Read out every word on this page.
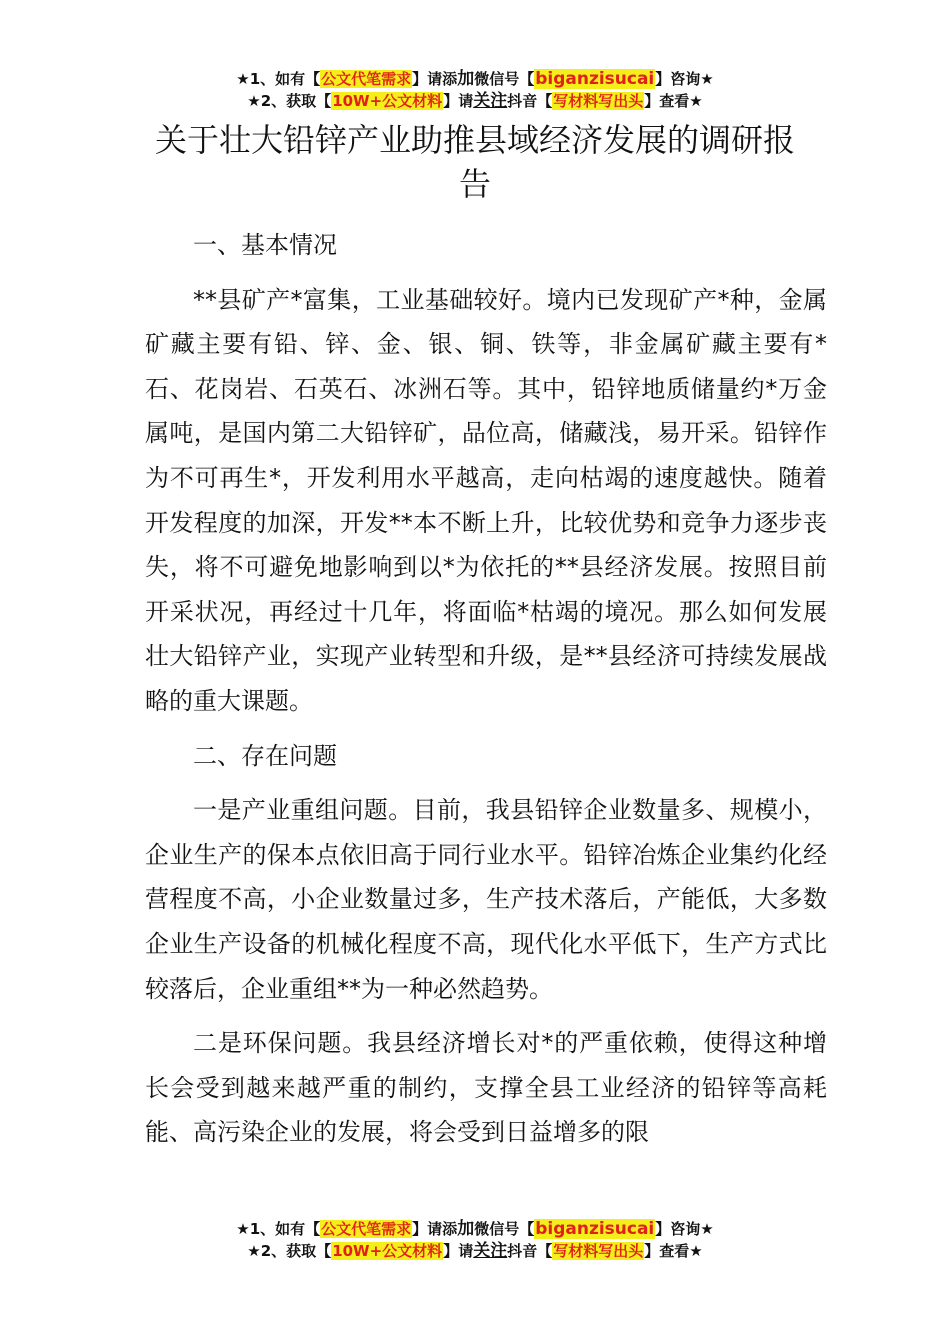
★1、如有【公文代笔需求】请添加微信号【biganzisucai】咨询★
★2、获取【10W+公文材料】请关注抖音【写材料写出头】查看★
关于壮大铅锌产业助推县域经济发展的调研报告

一、基本情况

**县矿产*富集，工业基础较好。境内已发现矿产*种，金属矿藏主要有铅、锌、金、银、铜、铁等，非金属矿藏主要有*石、花岗岩、石英石、冰洲石等。其中，铅锌地质储量约*万金属吨，是国内第二大铅锌矿，品位高，储藏浅，易开采。铅锌作为不可再生*，开发利用水平越高，走向枯竭的速度越快。随着开发程度的加深，开发**本不断上升，比较优势和竞争力逐步丧失，将不可避免地影响到以*为依托的**县经济发展。按照目前开采状况，再经过十几年，将面临*枯竭的境况。那么如何发展壮大铅锌产业，实现产业转型和升级，是**县经济可持续发展战略的重大课题。

二、存在问题

一是产业重组问题。目前，我县铅锌企业数量多、规模小，企业生产的保本点依旧高于同行业水平。铅锌冶炼企业集约化经营程度不高，小企业数量过多，生产技术落后，产能低，大多数企业生产设备的机械化程度不高，现代化水平低下，生产方式比较落后，企业重组**为一种必然趋势。

二是环保问题。我县经济增长对*的严重依赖，使得这种增长会受到越来越严重的制约，支撑全县工业经济的铅锌等高耗能、高污染企业的发展，将会受到日益增多的限

★1、如有【公文代笔需求】请添加微信号【biganzisucai】咨询★
★2、获取【10W+公文材料】请关注抖音【写材料写出头】查看★
